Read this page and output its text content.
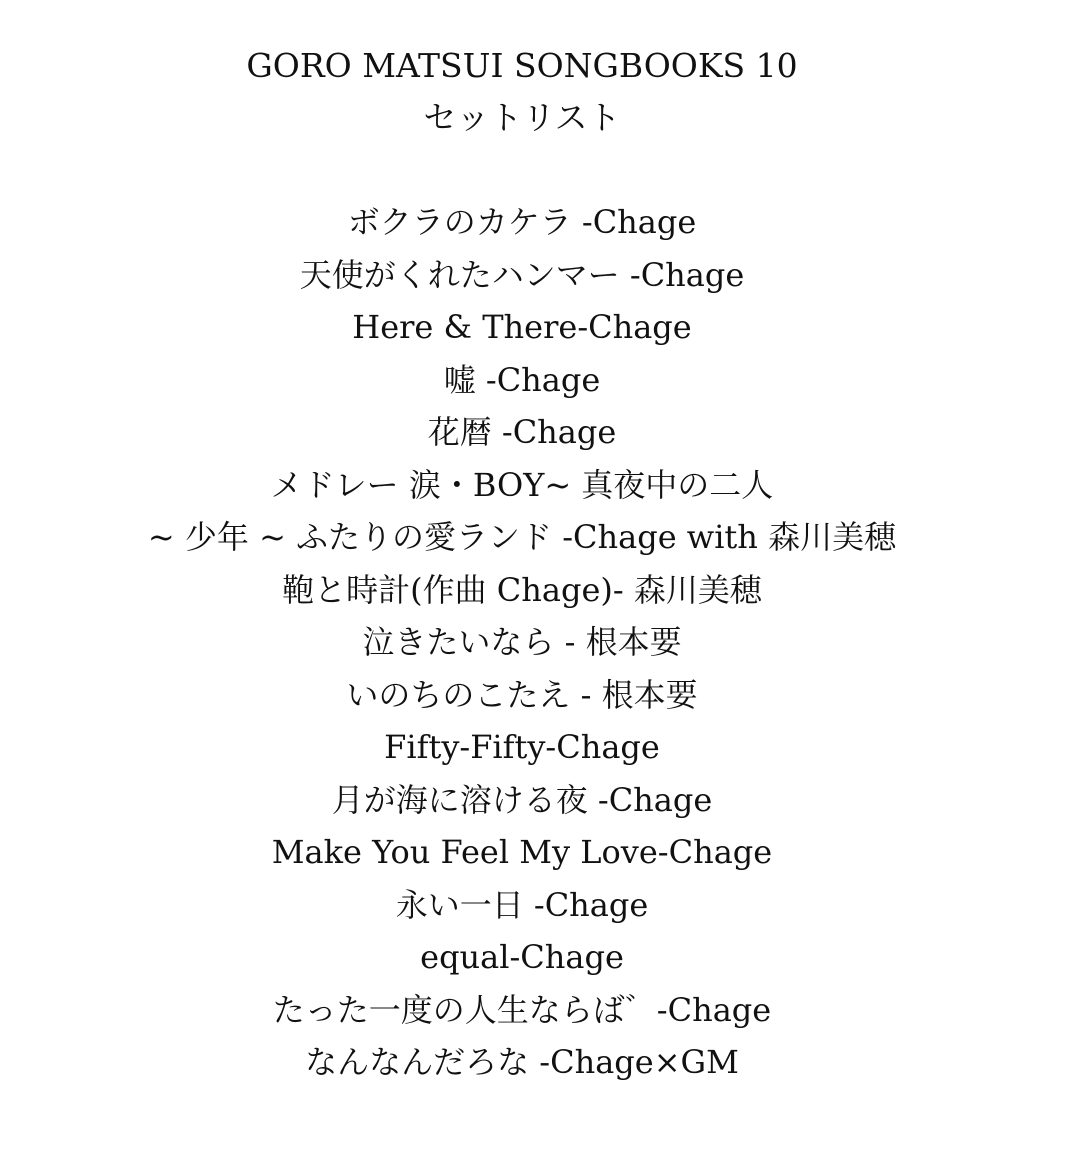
GORO MATSUI SONGBOOKS 10
セットリスト
ボクラのカケラ -Chage
天使がくれたハンマー -Chage
Here & There-Chage
嘘 -Chage
花暦 -Chage
メドレー 涙・BOY~ 真夜中の二人
~ 少年 ~ ふたりの愛ランド -Chage with 森川美穂
鞄と時計(作曲 Chage)- 森川美穂
泣きたいなら - 根本要
いのちのこたえ - 根本要
Fifty-Fifty-Chage
月が海に溶ける夜 -Chage
Make You Feel My Love-Chage
永い一日 -Chage
equal-Chage
たった一度の人生ならば゛-Chage
なんなんだろな -Chage×GM
